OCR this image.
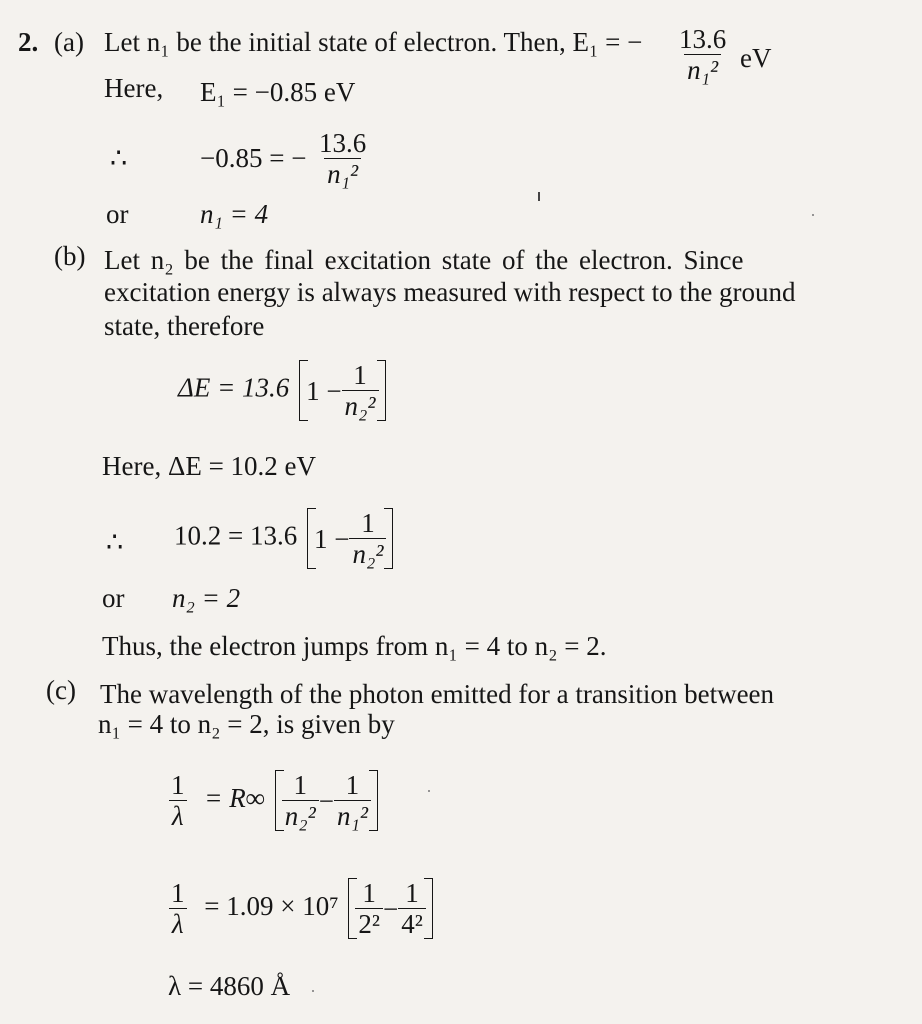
2. (a) Let n₁ be the initial state of electron. Then, E₁ = − $\frac{13.6}{\text{n₁²}}$ eV
Here, E₁ = −0.85 eV
∴	−0.85 = − $\frac{13.6}{\text{n₁²}}$
or	n₁ = 4
(b) Let n₂ be the final excitation state of the electron. Since
excitation energy is always measured with respect to the ground
state, therefore
ΔE = 13.6 $1 - \frac{1}{\text{n₂²}}$
Here, ΔE = 10.2 eV
∴ 10.2 = 13.6 $1 - \frac{1}{\text{n₂²}}$
or n₂ = 2
Thus, the electron jumps from n₁ = 4 to n₂ = 2.
(c) The wavelength of the photon emitted for a transition between
n₁ = 4 to n₂ = 2, is given by
$\frac{1}{\lambda} = R\infty \frac{1}{\text{n₂²}} - \frac{1}{\text{n₁²}}$
$\frac{1}{\lambda} = 1.09 \times 10^7 \frac{1}{\text{2²}} - \frac{1}{\text{4²}}$
λ = 4860 Å
